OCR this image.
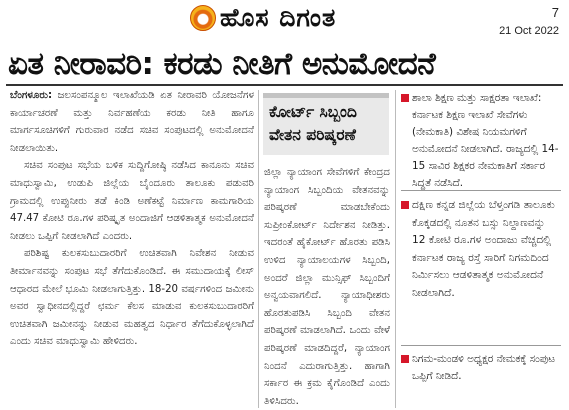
ಹೊಸ ದಿಗಂತ	7
21 Oct 2022
ಏತ ನೀರಾವರಿ: ಕರಡು ನೀತಿಗೆ ಅನುಮೋದನೆ

ಬೆಂಗಳೂರು: ಜಲಸಂಪನ್ಮೂಲ ಇಲಾಖೆಯಡಿ ಏತ ನೀರಾವರಿ ಯೋಜನೆಗಳ ಕಾರ್ಯಾಚರಣೆ ಮತ್ತು ನಿರ್ವಹಣೆಯ ಕರಡು ನೀತಿ ಹಾಗೂ ಮಾರ್ಗಸೂಚಿಗಳಿಗೆ ಗುರುವಾರ ನಡೆದ ಸಚಿವ ಸಂಪುಟದಲ್ಲಿ ಅನುಮೋದನೆ ನೀಡಲಾಯಿತು.

ಸಚಿವ ಸಂಪುಟ ಸಭೆಯ ಬಳಿಕ ಸುದ್ದಿಗೋಷ್ಠಿ ನಡೆಸಿದ ಕಾನೂನು ಸಚಿವ ಮಾಧುಸ್ವಾಮಿ, ಉಡುಪಿ ಜಿಲ್ಲೆಯ ಬೈಂದೂರು ತಾಲೂಕು ಪಡುವರಿ ಗ್ರಾಮದಲ್ಲಿ ಉಪ್ಪುನೀರು ತಡೆ ಕಿಂಡಿ ಅಣೆಕಟ್ಟೆ ನಿರ್ಮಾಣ ಕಾಮಗಾರಿಯ 47.47 ಕೋಟಿ ರೂ.ಗಳ ಪರಿಷ್ಕೃತ ಅಂದಾಜಿಗೆ ಆಡಳಿತಾತ್ಮಕ ಅನುಮೋದನೆ ನೀಡಲು ಒಪ್ಪಿಗೆ ನೀಡಲಾಗಿದೆ ಎಂದರು.

ಪರಿಶಿಷ್ಟ ಕುಲಕಸುಬುದಾರರಿಗೆ ಉಚಿತವಾಗಿ ನಿವೇಶನ ನೀಡುವ ತೀರ್ಮಾನವನ್ನು ಸಂಪುಟ ಸಭೆ ತೆಗೆದುಕೊಂಡಿದೆ. ಈ ಸಮುದಾಯಕ್ಕೆ ಲೀಸ್ ಆಧಾರದ ಮೇಲೆ ಭೂಮಿ ನೀಡಲಾಗುತ್ತಿತ್ತು. 18-20 ವರ್ಷಗಳಿಂದ ಜಮೀನು ಅವರ ಸ್ವಾಧೀನದಲ್ಲಿದ್ದರೆ ಛರ್ಮ ಕೆಲಸ ಮಾಡುವ ಕುಲಕಸುಬುದಾರರಿಗೆ ಉಚಿತವಾಗಿ ಜಮೀನನ್ನು ನೀಡುವ ಮಹತ್ವದ ನಿರ್ಧಾರ ತೆಗೆದುಕೊಳ್ಳಲಾಗಿದೆ ಎಂದು ಸಚಿವ ಮಾಧುಸ್ವಾಮಿ ಹೇಳಿದರು.

ಕೋರ್ಟ್ ಸಿಬ್ಬಂದಿ ವೇತನ ಪರಿಷ್ಕರಣೆ

ಜಿಲ್ಲಾ ನ್ಯಾಯಾಂಗ ಸೇವೆಗಳಿಗೆ ಕೇಂದ್ರದ ನ್ಯಾಯಾಂಗ ಸಿಬ್ಬಂದಿಯ ವೇತನವನ್ನು ಪರಿಷ್ಕರಣೆ ಮಾಡಬೇಕೆಂದು ಸುಪ್ರೀಂಕೋರ್ಟ್ ನಿರ್ದೇಶನ ನೀಡಿತ್ತು. ಇದರಂತೆ ಹೈಕೋರ್ಟ್ ಹೊರತು ಪಡಿಸಿ ಉಳಿದ ನ್ಯಾಯಾಲಯಗಳ ಸಿಬ್ಬಂದಿ, ಅಂದರೆ ಜಿಲ್ಲಾ ಮುನ್ಸಿಫ್ ಸಿಬ್ಬಂದಿಗೆ ಅನ್ವಯವಾಗಲಿದೆ. ನ್ಯಾಯಾಧೀಶರು ಹೊರತುಪಡಿಸಿ ಸಿಬ್ಬಂದಿ ವೇತನ ಪರಿಷ್ಕರಣೆ ಮಾಡಲಾಗಿದೆ. ಒಂದು ವೇಳೆ ಪರಿಷ್ಕರಣೆ ಮಾಡದಿದ್ದರೆ, ನ್ಯಾಯಾಂಗ ನಿಂದನೆ ಎದುರಾಗುತ್ತಿತ್ತು. ಹಾಗಾಗಿ ಸರ್ಕಾರ ಈ ಕ್ರಮ ಕೈಗೊಂಡಿದೆ ಎಂದು ತಿಳಿಸಿದರು.

ಶಾಲಾ ಶಿಕ್ಷಣ ಮತ್ತು ಸಾಕ್ಷರತಾ ಇಲಾಖೆ: ಕರ್ನಾಟಕ ಶಿಕ್ಷಣ ಇಲಾಖೆ ಸೇವೆಗಳು (ನೇಮಕಾತಿ) ವಿಶೇಷ ನಿಯಮಗಳಿಗೆ ಅನುಮೋದನೆ ನೀಡಲಾಗಿದೆ. ರಾಜ್ಯದಲ್ಲಿ 14-15 ಸಾವಿರ ಶಿಕ್ಷಕರ ನೇಮಕಾತಿಗೆ ಸರ್ಕಾರ ಸಿದ್ಧತೆ ನಡೆಸಿದೆ.
ದಕ್ಷಿಣ ಕನ್ನಡ ಜಿಲ್ಲೆಯ ಬೆಳ್ತಂಗಡಿ ತಾಲೂಕು ಕೊಕ್ಕಡದಲ್ಲಿ ನೂತನ ಬಸ್ಸು ನಿಲ್ದಾಣವನ್ನು 12 ಕೋಟಿ ರೂ.ಗಳ ಅಂದಾಜು ವೆಚ್ಚದಲ್ಲಿ ಕರ್ನಾಟಕ ರಾಜ್ಯ ರಸ್ತೆ ಸಾರಿಗೆ ನಿಗಮದಿಂದ ನಿರ್ಮಿಸಲು ಆಡಳಿತಾತ್ಮಕ ಅನುಮೋದನೆ ನೀಡಲಾಗಿದೆ.
ನಿಗಮ-ಮಂಡಳಿ ಅಧ್ಯಕ್ಷರ ನೇಮಕಕ್ಕೆ ಸಂಪುಟ ಒಪ್ಪಿಗೆ ನೀಡಿದೆ.
